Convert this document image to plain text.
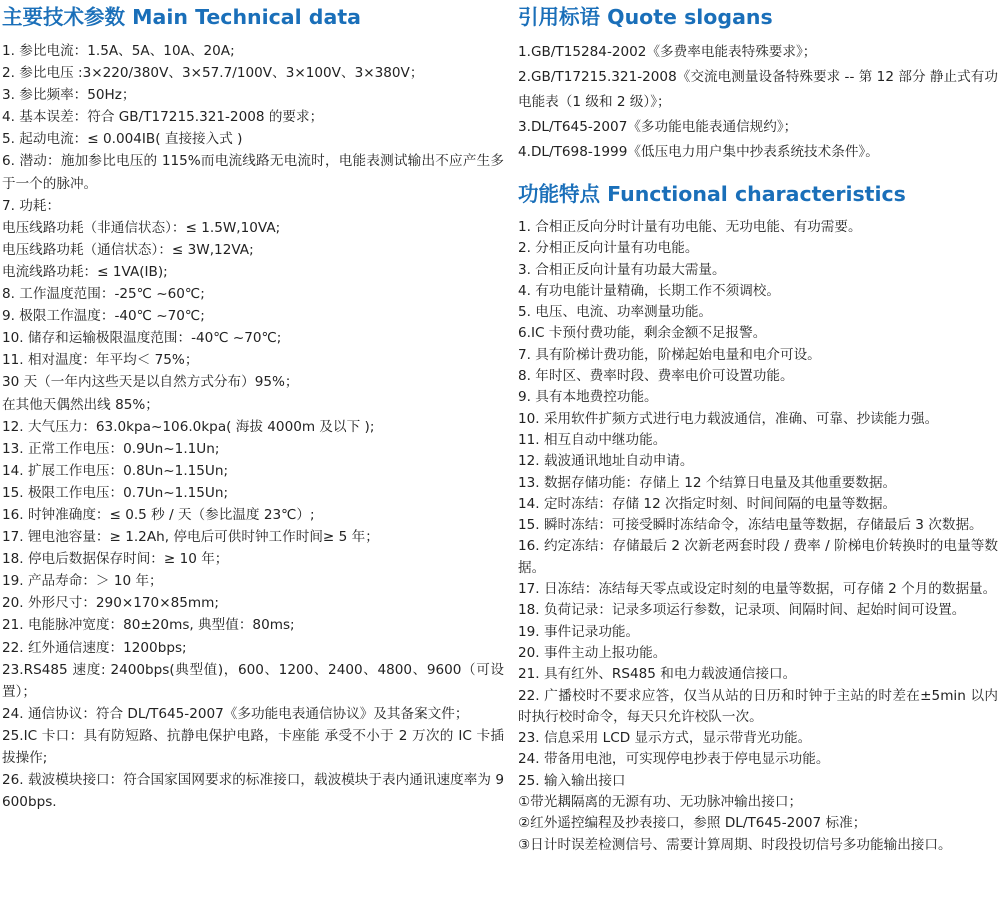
主要技术参数 Main Technical data

1. 参比电流：1.5A、5A、10A、20A;

2. 参比电压 :3×220/380V、3×57.7/100V、3×100V、3×380V；

3. 参比频率：50Hz；

4. 基本误差：符合 GB/T17215.321-2008 的要求；

5. 起动电流：≤ 0.004IB( 直接接入式 )

6. 潜动：施加参比电压的 115%而电流线路无电流时，电能表测试输出不应产生多于一个的脉冲。

7. 功耗：

电压线路功耗（非通信状态）：≤ 1.5W,10VA;

电压线路功耗（通信状态）：≤ 3W,12VA;

电流线路功耗：≤ 1VA(IB);

8. 工作温度范围：-25℃ ~60℃;

9. 极限工作温度：-40℃ ~70℃;

10. 储存和运输极限温度范围：-40℃ ~70℃;

11. 相对温度：年平均＜ 75%；

30 天（一年内这些天是以自然方式分布）95%；

在其他天偶然出线 85%；

12. 大气压力：63.0kpa~106.0kpa( 海拔 4000m 及以下 );

13. 正常工作电压：0.9Un~1.1Un;

14. 扩展工作电压：0.8Un~1.15Un;

15. 极限工作电压：0.7Un~1.15Un;

16. 时钟准确度：≤ 0.5 秒 / 天（参比温度 23℃）;

17. 锂电池容量：≥ 1.2Ah, 停电后可供时钟工作时间≥ 5 年；

18. 停电后数据保存时间：≥ 10 年；

19. 产品寿命：＞ 10 年；

20. 外形尺寸：290×170×85mm;

21. 电能脉冲宽度：80±20ms, 典型值：80ms;

22. 红外通信速度：1200bps;

23.RS485 速度: 2400bps(典型值)，600、1200、2400、4800、9600（可设置）；

24. 通信协议：符合 DL/T645-2007《多功能电表通信协议》及其备案文件；

25.IC 卡口：具有防短路、抗静电保护电路，卡座能 承受不小于 2 万次的 IC 卡插拔操作;

26. 载波模块接口：符合国家国网要求的标准接口，载波模块于表内通讯速度率为 9600bps.

引用标语 Quote slogans

1.GB/T15284-2002《多费率电能表特殊要求》；

2.GB/T17215.321-2008《交流电测量设备特殊要求 -- 第 12 部分 静止式有功电能表（1 级和 2 级）》；

3.DL/T645-2007《多功能电能表通信规约》；

4.DL/T698-1999《低压电力用户集中抄表系统技术条件》。

功能特点 Functional characteristics

1. 合相正反向分时计量有功电能、无功电能、有功需要。

2. 分相正反向计量有功电能。

3. 合相正反向计量有功最大需量。

4. 有功电能计量精确，长期工作不须调校。

5. 电压、电流、功率测量功能。

6.IC 卡预付费功能，剩余金额不足报警。

7. 具有阶梯计费功能，阶梯起始电量和电介可设。

8. 年时区、费率时段、费率电价可设置功能。

9. 具有本地费控功能。

10. 采用软件扩频方式进行电力载波通信，准确、可靠、抄读能力强。

11. 相互自动中继功能。

12. 载波通讯地址自动申请。

13. 数据存储功能：存储上 12 个结算日电量及其他重要数据。

14. 定时冻结：存储 12 次指定时刻、时间间隔的电量等数据。

15. 瞬时冻结：可接受瞬时冻结命令，冻结电量等数据，存储最后 3 次数据。

16. 约定冻结：存储最后 2 次新老两套时段 / 费率 / 阶梯电价转换时的电量等数据。

17. 日冻结：冻结每天零点或设定时刻的电量等数据，可存储 2 个月的数据量。

18. 负荷记录：记录多项运行参数，记录项、间隔时间、起始时间可设置。

19. 事件记录功能。

20. 事件主动上报功能。

21. 具有红外、RS485 和电力载波通信接口。

22. 广播校时不要求应答，仅当从站的日历和时钟于主站的时差在±5min 以内时执行校时命令，每天只允许校队一次。

23. 信息采用 LCD 显示方式，显示带背光功能。

24. 带备用电池，可实现停电抄表于停电显示功能。

25. 输入输出接口

①带光耦隔离的无源有功、无功脉冲输出接口；

②红外遥控编程及抄表接口，参照 DL/T645-2007 标准；

③日计时误差检测信号、需要计算周期、时段投切信号多功能输出接口。
